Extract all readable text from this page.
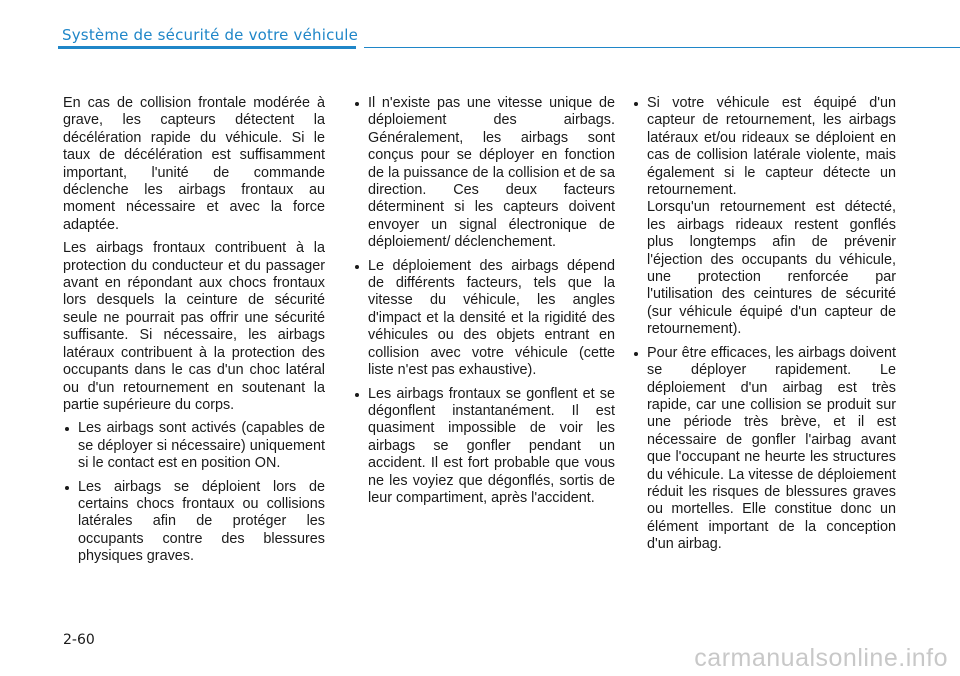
Système de sécurité de votre véhicule

En cas de collision frontale modérée à grave, les capteurs détectent la décélération rapide du véhicule. Si le taux de décélération est suffisamment important, l'unité de commande déclenche les airbags frontaux au moment nécessaire et avec la force adaptée.

Les airbags frontaux contribuent à la protection du conducteur et du passager avant en répondant aux chocs frontaux lors desquels la ceinture de sécurité seule ne pourrait pas offrir une sécurité suffisante. Si nécessaire, les airbags latéraux contribuent à la protection des occupants dans le cas d'un choc latéral ou d'un retournement en soutenant la partie supérieure du corps.

Les airbags sont activés (capables de se déployer si nécessaire) uniquement si le contact est en position ON.
Les airbags se déploient lors de certains chocs frontaux ou collisions latérales afin de protéger les occupants contre des blessures physiques graves.
Il n'existe pas une vitesse unique de déploiement des airbags. Généralement, les airbags sont conçus pour se déployer en fonction de la puissance de la collision et de sa direction. Ces deux facteurs déterminent si les capteurs doivent envoyer un signal électronique de déploiement/ déclenchement.
Le déploiement des airbags dépend de différents facteurs, tels que la vitesse du véhicule, les angles d'impact et la densité et la rigidité des véhicules ou des objets entrant en collision avec votre véhicule (cette liste n'est pas exhaustive).
Les airbags frontaux se gonflent et se dégonflent instantanément. Il est quasiment impossible de voir les airbags se gonfler pendant un accident. Il est fort probable que vous ne les voyiez que dégonflés, sortis de leur compartiment, après l'accident.
Si votre véhicule est équipé d'un capteur de retournement, les airbags latéraux et/ou rideaux se déploient en cas de collision latérale violente, mais également si le capteur détecte un retournement.
Lorsqu'un retournement est détecté, les airbags rideaux restent gonflés plus longtemps afin de prévenir l'éjection des occupants du véhicule, une protection renforcée par l'utilisation des ceintures de sécurité (sur véhicule équipé d'un capteur de retournement).
Pour être efficaces, les airbags doivent se déployer rapidement. Le déploiement d'un airbag est très rapide, car une collision se produit sur une période très brève, et il est nécessaire de gonfler l'airbag avant que l'occupant ne heurte les structures du véhicule. La vitesse de déploiement réduit les risques de blessures graves ou mortelles. Elle constitue donc un élément important de la conception d'un airbag.
2-60
carmanualsonline.info
